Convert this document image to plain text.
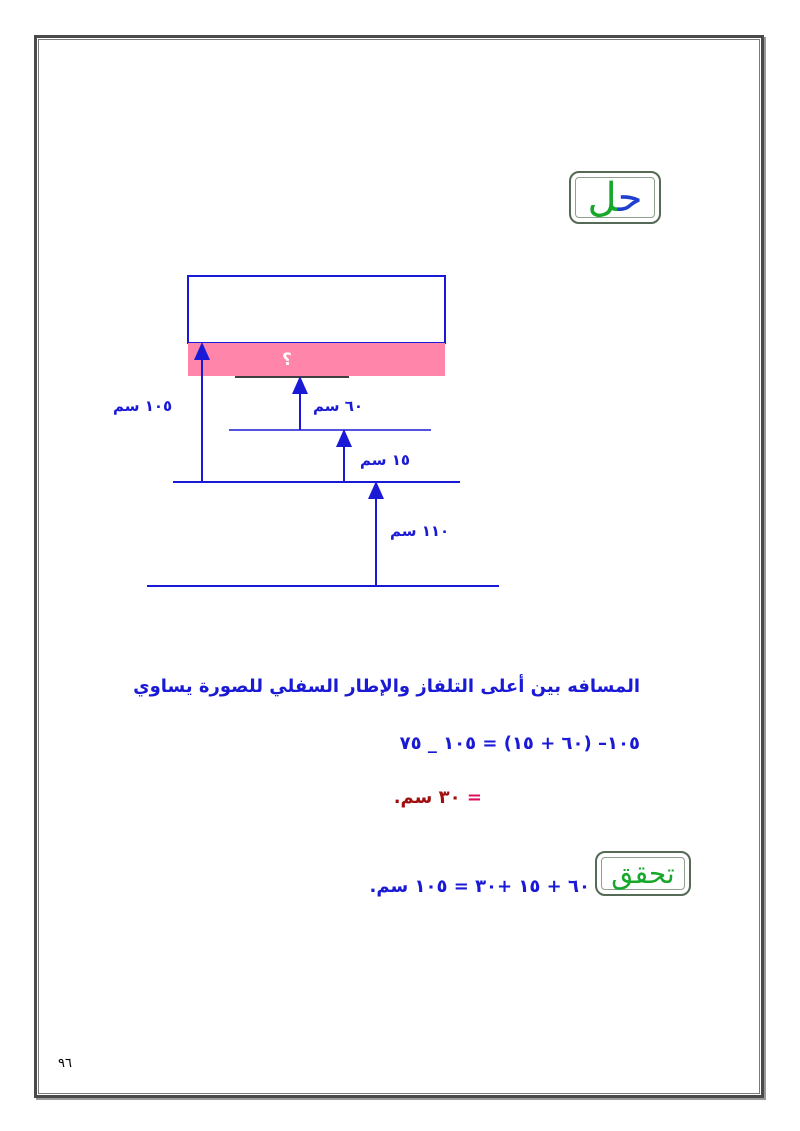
حل
؟
١٠٥ سم	٦٠ سم
١٥ سم
١١٠ سم
المسافه بين أعلى التلفاز والإطار السفلي للصورة يساوي
١٠٥– (٦٠ + ١٥) = ١٠٥ _ ٧٥
= ٣٠ سم.
تحقق
٦٠ + ١٥ +٣٠ = ١٠٥ سم.
٩٦
